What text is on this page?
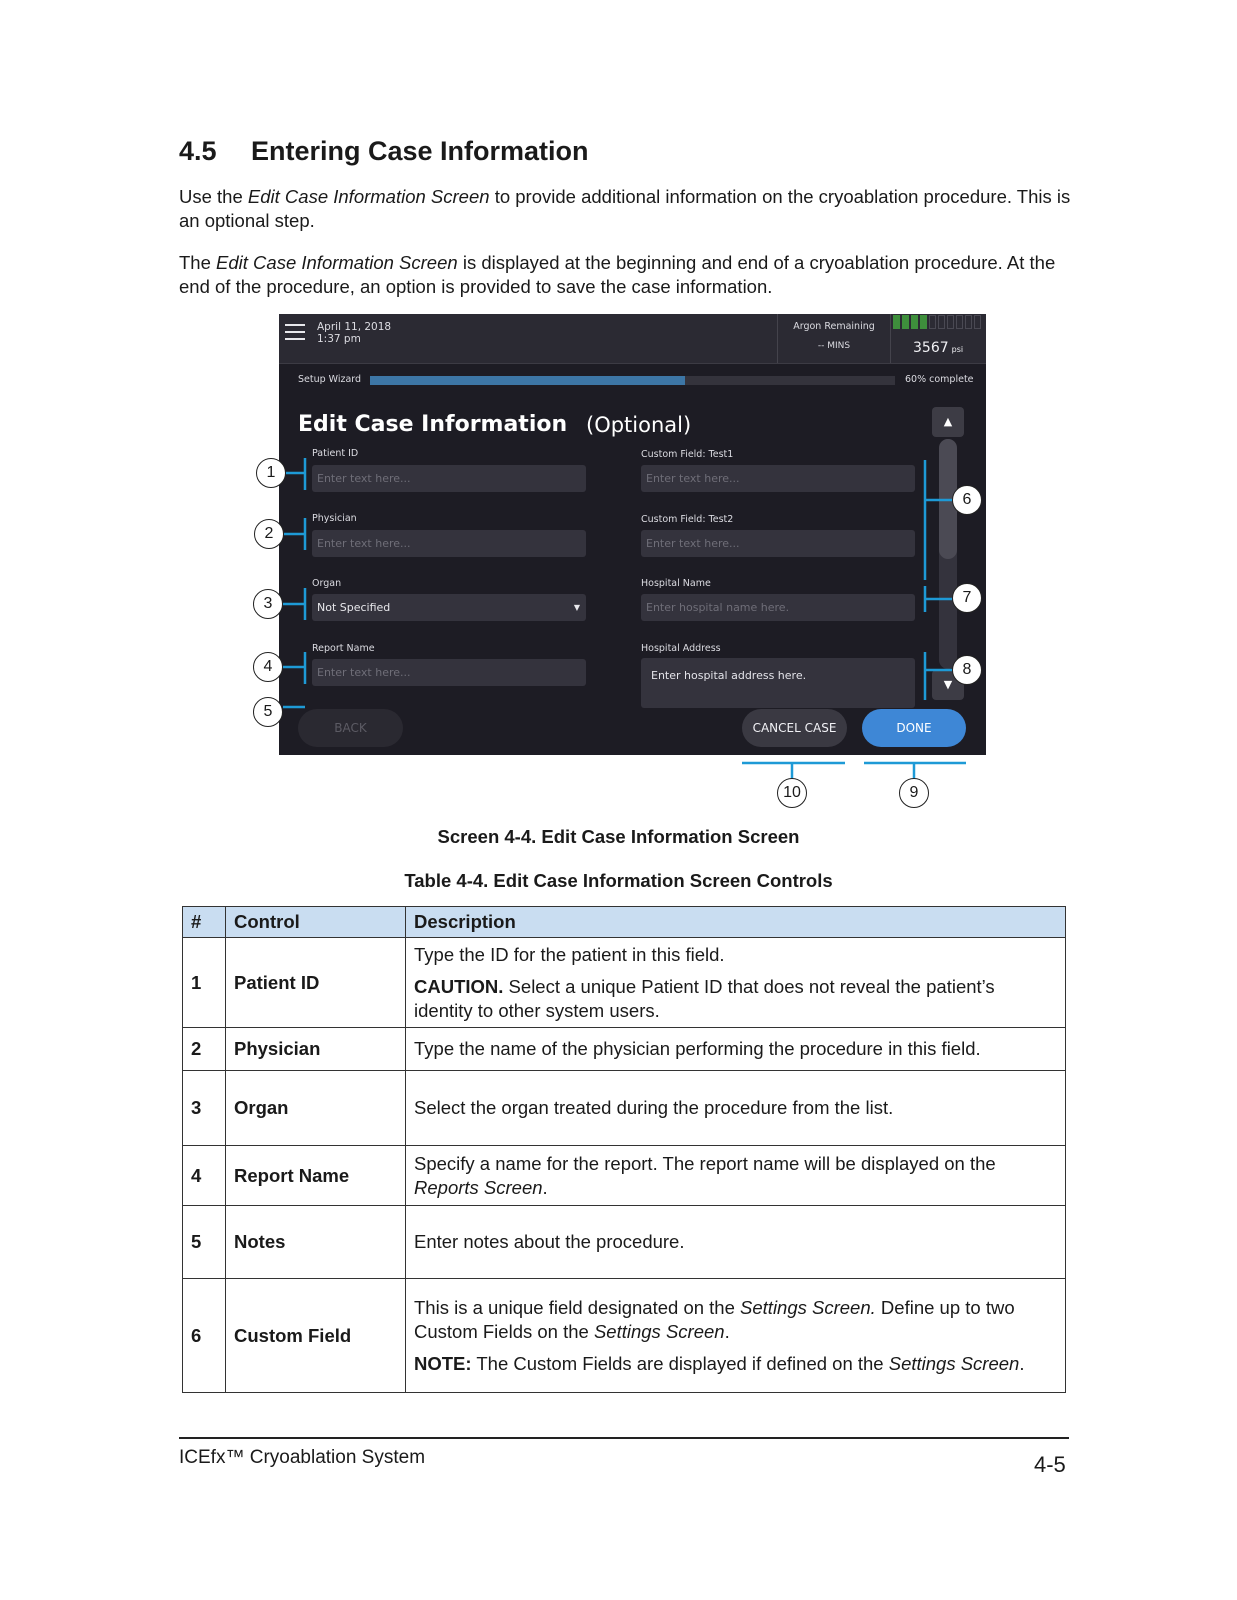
4.5 Entering Case Information

Use the Edit Case Information Screen to provide additional information on the cryoablation procedure. This is an optional step.

The Edit Case Information Screen is displayed at the beginning and end of a cryoablation procedure. At the end of the procedure, an option is provided to save the case information.

April 11, 2018
1:37 pm
Argon Remaining
-- MINS	3567 psi
Setup Wizard	60% complete
Edit Case Information (Optional)
Patient ID
Enter text here...
Physician
Enter text here...
Organ
Not Specified	▼
Report Name
Enter text here...
Custom Field: Test1
Enter text here...
Custom Field: Test2
Enter text here...
Hospital Name
Enter hospital name here.
Hospital Address
Enter hospital address here.
▲
▼
BACK	CANCEL CASE	DONE
1
2
3
4
5
6
7
8
9
10
Screen 4-4. Edit Case Information Screen
Table 4-4. Edit Case Information Screen Controls
#	Control	Description
1	Patient ID	Type the ID for the patient in this field.

CAUTION. Select a unique Patient ID that does not reveal the patient’s identity to other system users.

2	Physician	Type the name of the physician performing the procedure in this field.
3	Organ	Select the organ treated during the procedure from the list.
4	Report Name	Specify a name for the report. The report name will be displayed on the Reports Screen.
5	Notes	Enter notes about the procedure.
6	Custom Field	This is a unique field designated on the Settings Screen. Define up to two Custom Fields on the Settings Screen.

NOTE: The Custom Fields are displayed if defined on the Settings Screen.

ICEfx™ Cryoablation System	4-5
